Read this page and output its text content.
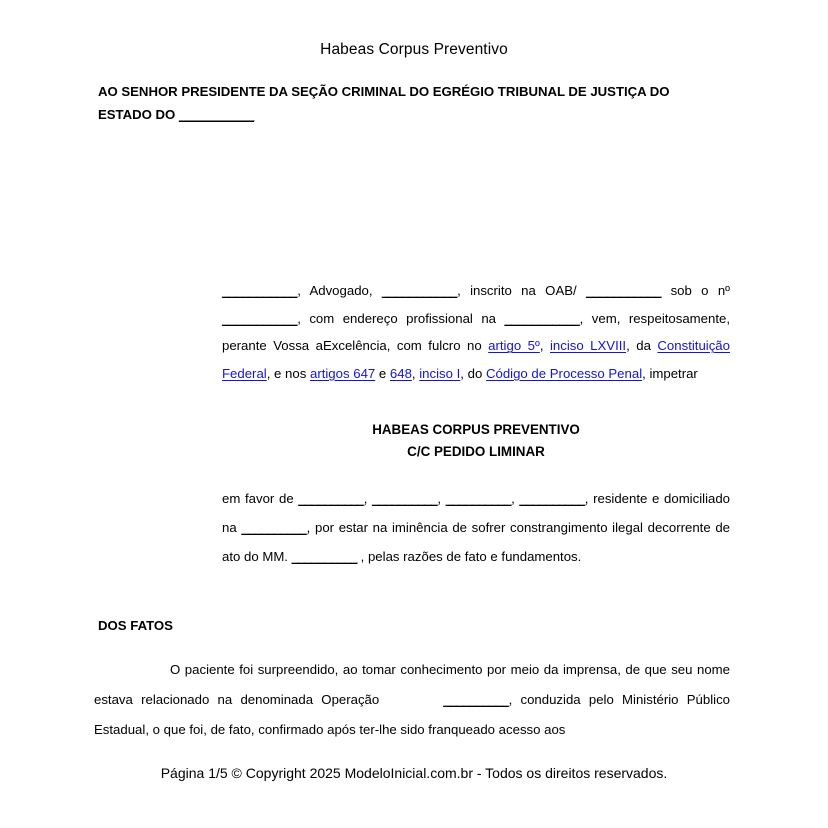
Habeas Corpus Preventivo
AO SENHOR PRESIDENTE DA SEÇÃO CRIMINAL DO EGRÉGIO TRIBUNAL DE JUSTIÇA DO
ESTADO DO ___________
___________, Advogado, ___________, inscrito na OAB/ ___________ sob o nº ___________, com endereço profissional na ___________, vem, respeitosamente, perante Vossa aExcelência, com fulcro no artigo 5º, inciso LXVIII, da Constituição Federal, e nos artigos 647 e 648, inciso I, do Código de Processo Penal, impetrar
HABEAS CORPUS PREVENTIVO
C/C PEDIDO LIMINAR
em favor de __________, __________, __________, __________, residente e domiciliado na __________, por estar na iminência de sofrer constrangimento ilegal decorrente de ato do MM. __________ , pelas razões de fato e fundamentos.
DOS FATOS
O paciente foi surpreendido, ao tomar conhecimento por meio da imprensa, de que seu nome estava relacionado na denominada Operação	__________, conduzida pelo Ministério Público Estadual, o que foi, de fato, confirmado após ter-lhe sido franqueado acesso aos
Página 1/5 © Copyright 2025 ModeloInicial.com.br - Todos os direitos reservados.
